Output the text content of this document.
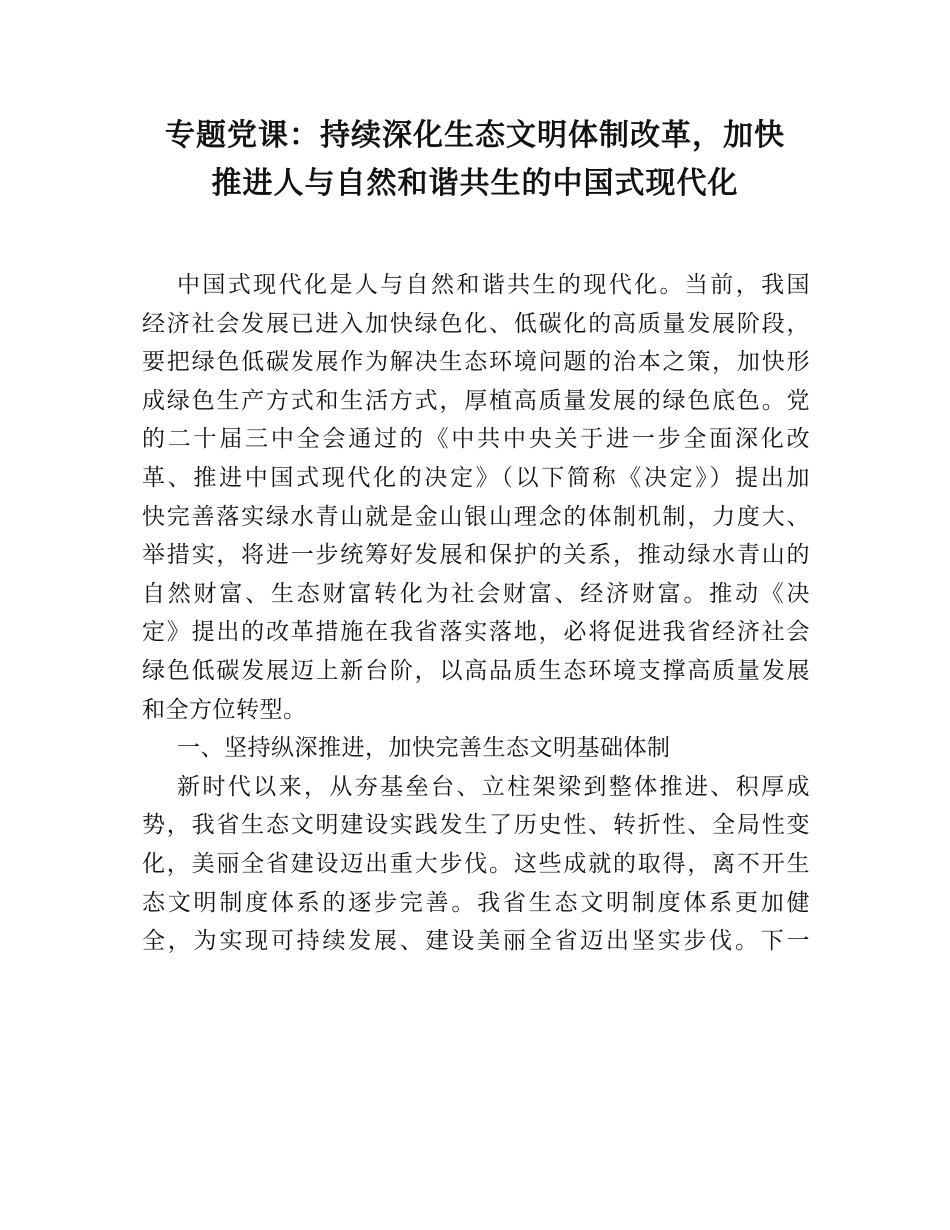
专题党课：持续深化生态文明体制改革，加快
推进人与自然和谐共生的中国式现代化
中国式现代化是人与自然和谐共生的现代化。当前，我国
经济社会发展已进入加快绿色化、低碳化的高质量发展阶段，
要把绿色低碳发展作为解决生态环境问题的治本之策，加快形
成绿色生产方式和生活方式，厚植高质量发展的绿色底色。党
的二十届三中全会通过的《中共中央关于进一步全面深化改
革、推进中国式现代化的决定》（以下简称《决定》）提出加
快完善落实绿水青山就是金山银山理念的体制机制，力度大、
举措实，将进一步统筹好发展和保护的关系，推动绿水青山的
自然财富、生态财富转化为社会财富、经济财富。推动《决
定》提出的改革措施在我省落实落地，必将促进我省经济社会
绿色低碳发展迈上新台阶，以高品质生态环境支撑高质量发展
和全方位转型。
一、坚持纵深推进，加快完善生态文明基础体制
新时代以来，从夯基垒台、立柱架梁到整体推进、积厚成
势，我省生态文明建设实践发生了历史性、转折性、全局性变
化，美丽全省建设迈出重大步伐。这些成就的取得，离不开生
态文明制度体系的逐步完善。我省生态文明制度体系更加健
全，为实现可持续发展、建设美丽全省迈出坚实步伐。下一
